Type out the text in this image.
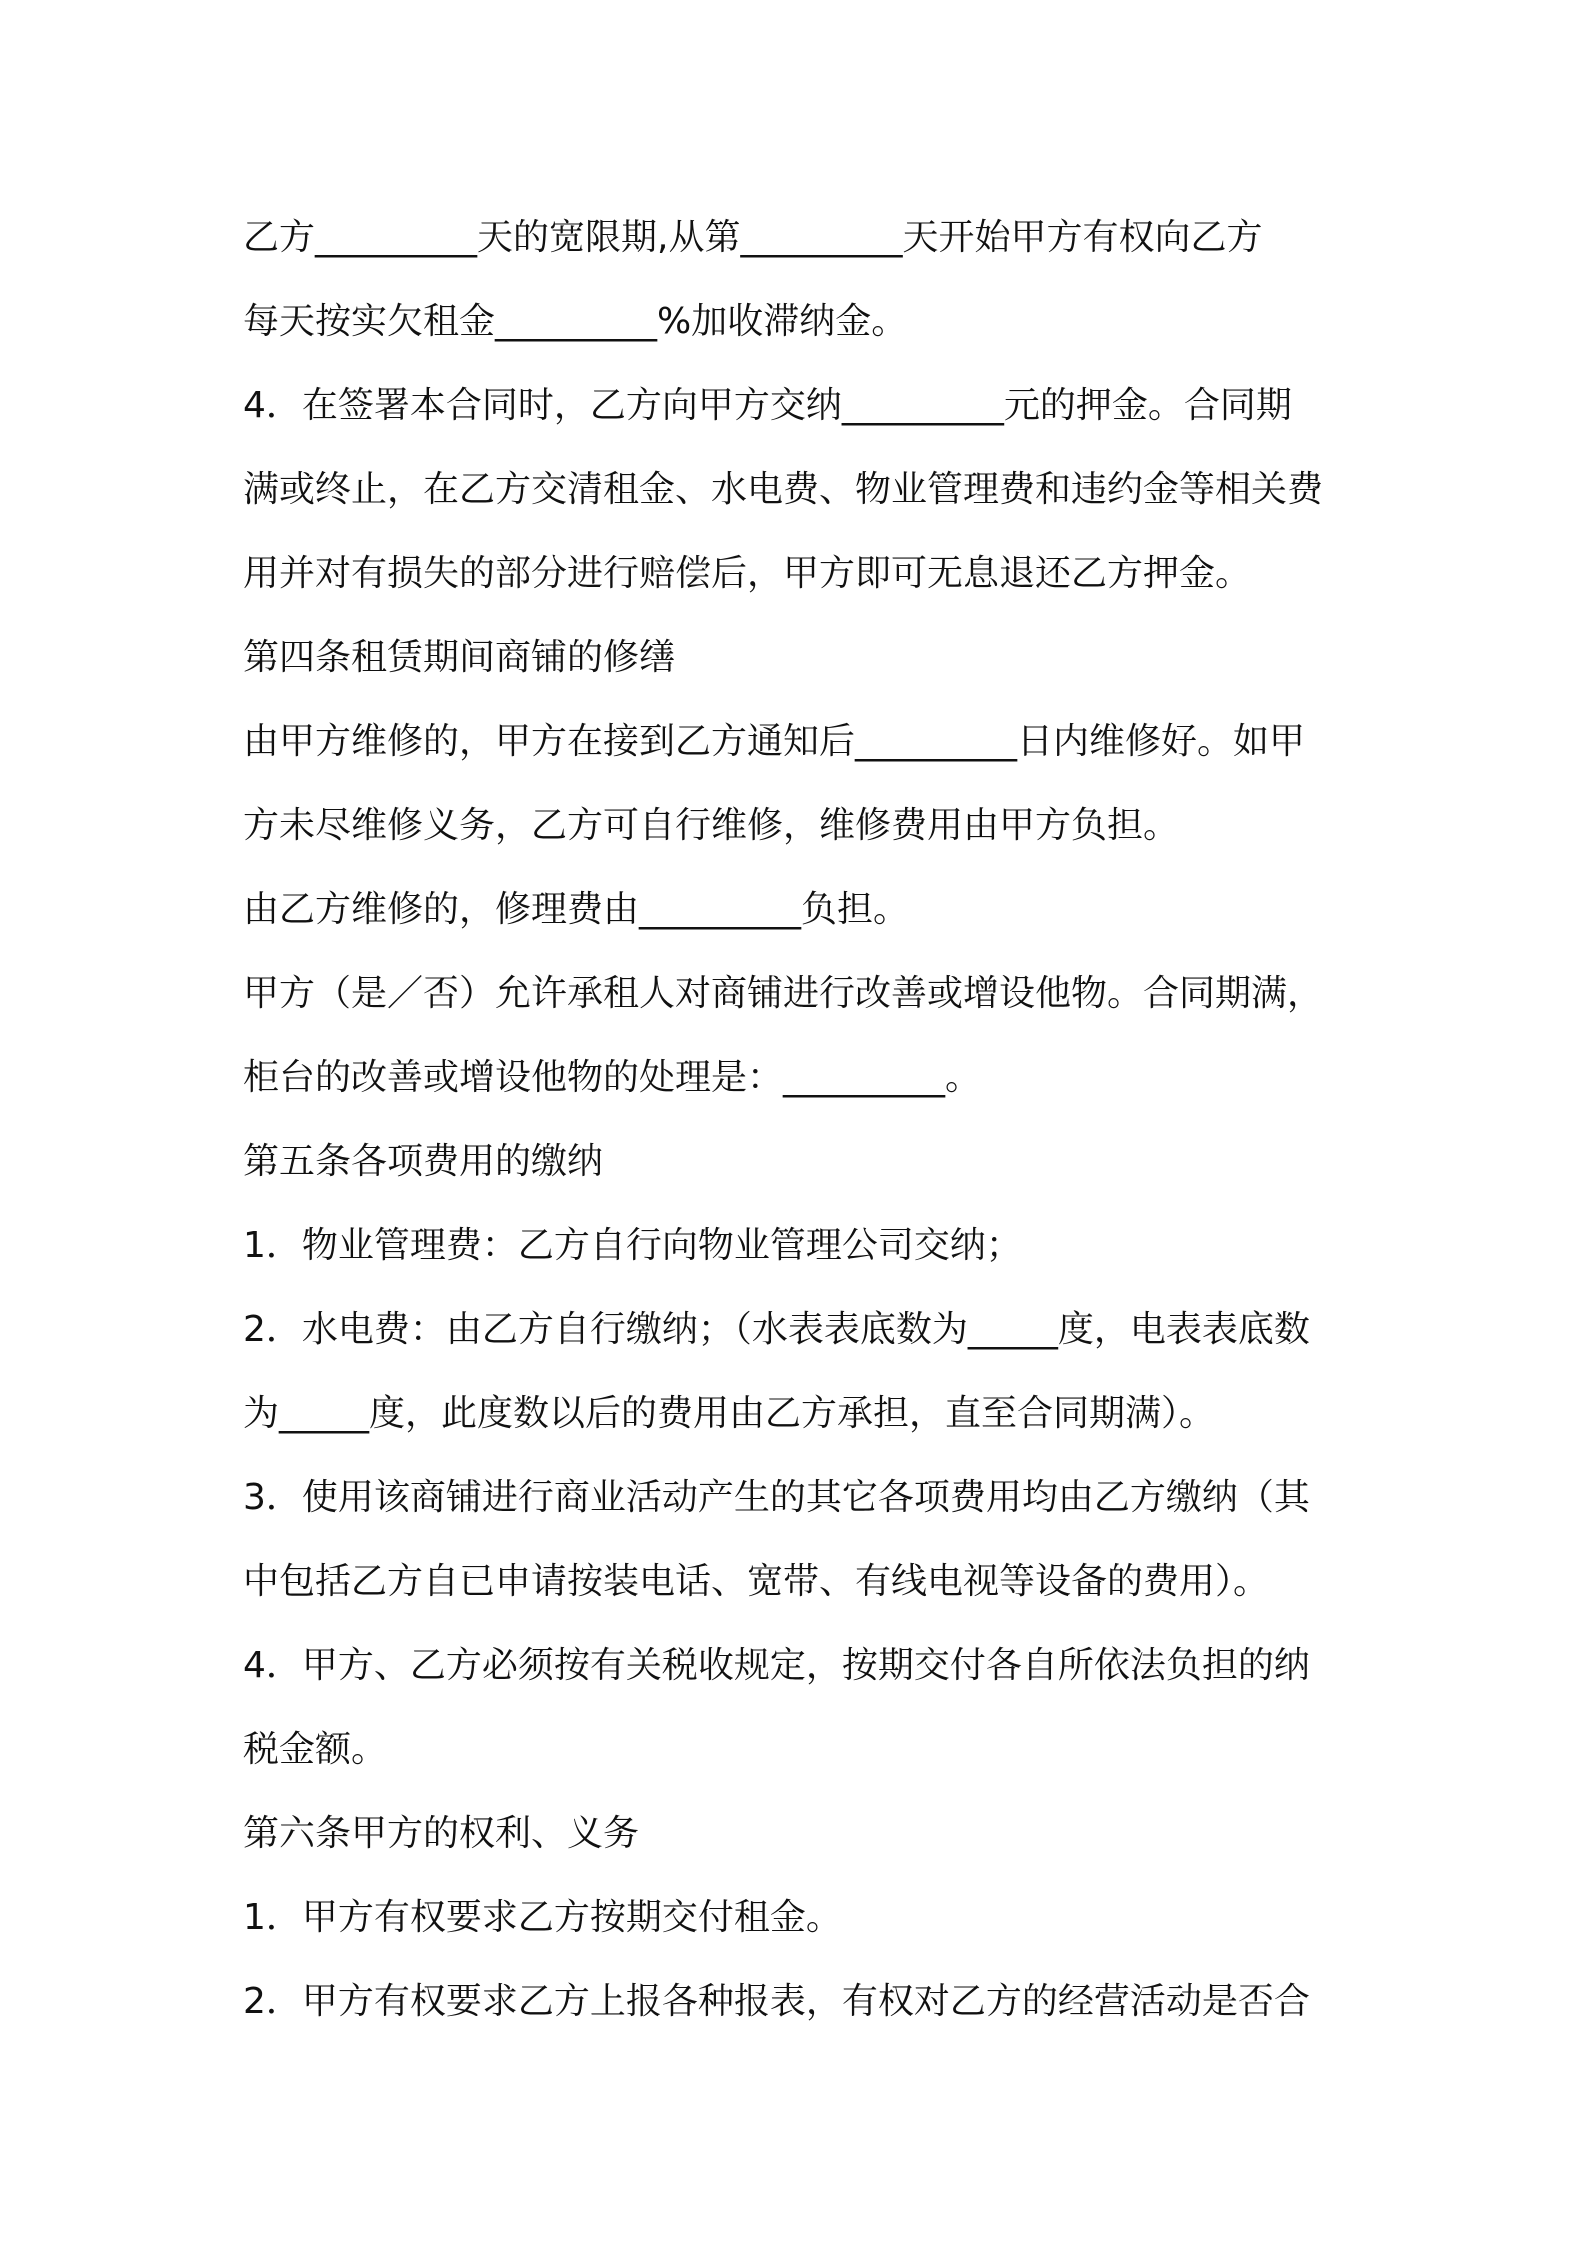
乙方_________天的宽限期,从第_________天开始甲方有权向乙方
每天按实欠租金_________%加收滞纳金。
4．在签署本合同时，乙方向甲方交纳_________元的押金。合同期
满或终止，在乙方交清租金、水电费、物业管理费和违约金等相关费
用并对有损失的部分进行赔偿后，甲方即可无息退还乙方押金。
第四条租赁期间商铺的修缮
由甲方维修的，甲方在接到乙方通知后_________日内维修好。如甲
方未尽维修义务，乙方可自行维修，维修费用由甲方负担。
由乙方维修的，修理费由_________负担。
甲方（是／否）允许承租人对商铺进行改善或增设他物。合同期满，
柜台的改善或增设他物的处理是：_________。
第五条各项费用的缴纳
1．物业管理费：乙方自行向物业管理公司交纳；
2．水电费：由乙方自行缴纳；（水表表底数为_____度，电表表底数
为_____度，此度数以后的费用由乙方承担，直至合同期满）。
3．使用该商铺进行商业活动产生的其它各项费用均由乙方缴纳（其
中包括乙方自已申请按装电话、宽带、有线电视等设备的费用）。
4．甲方、乙方必须按有关税收规定，按期交付各自所依法负担的纳
税金额。
第六条甲方的权利、义务
1．甲方有权要求乙方按期交付租金。
2．甲方有权要求乙方上报各种报表，有权对乙方的经营活动是否合
